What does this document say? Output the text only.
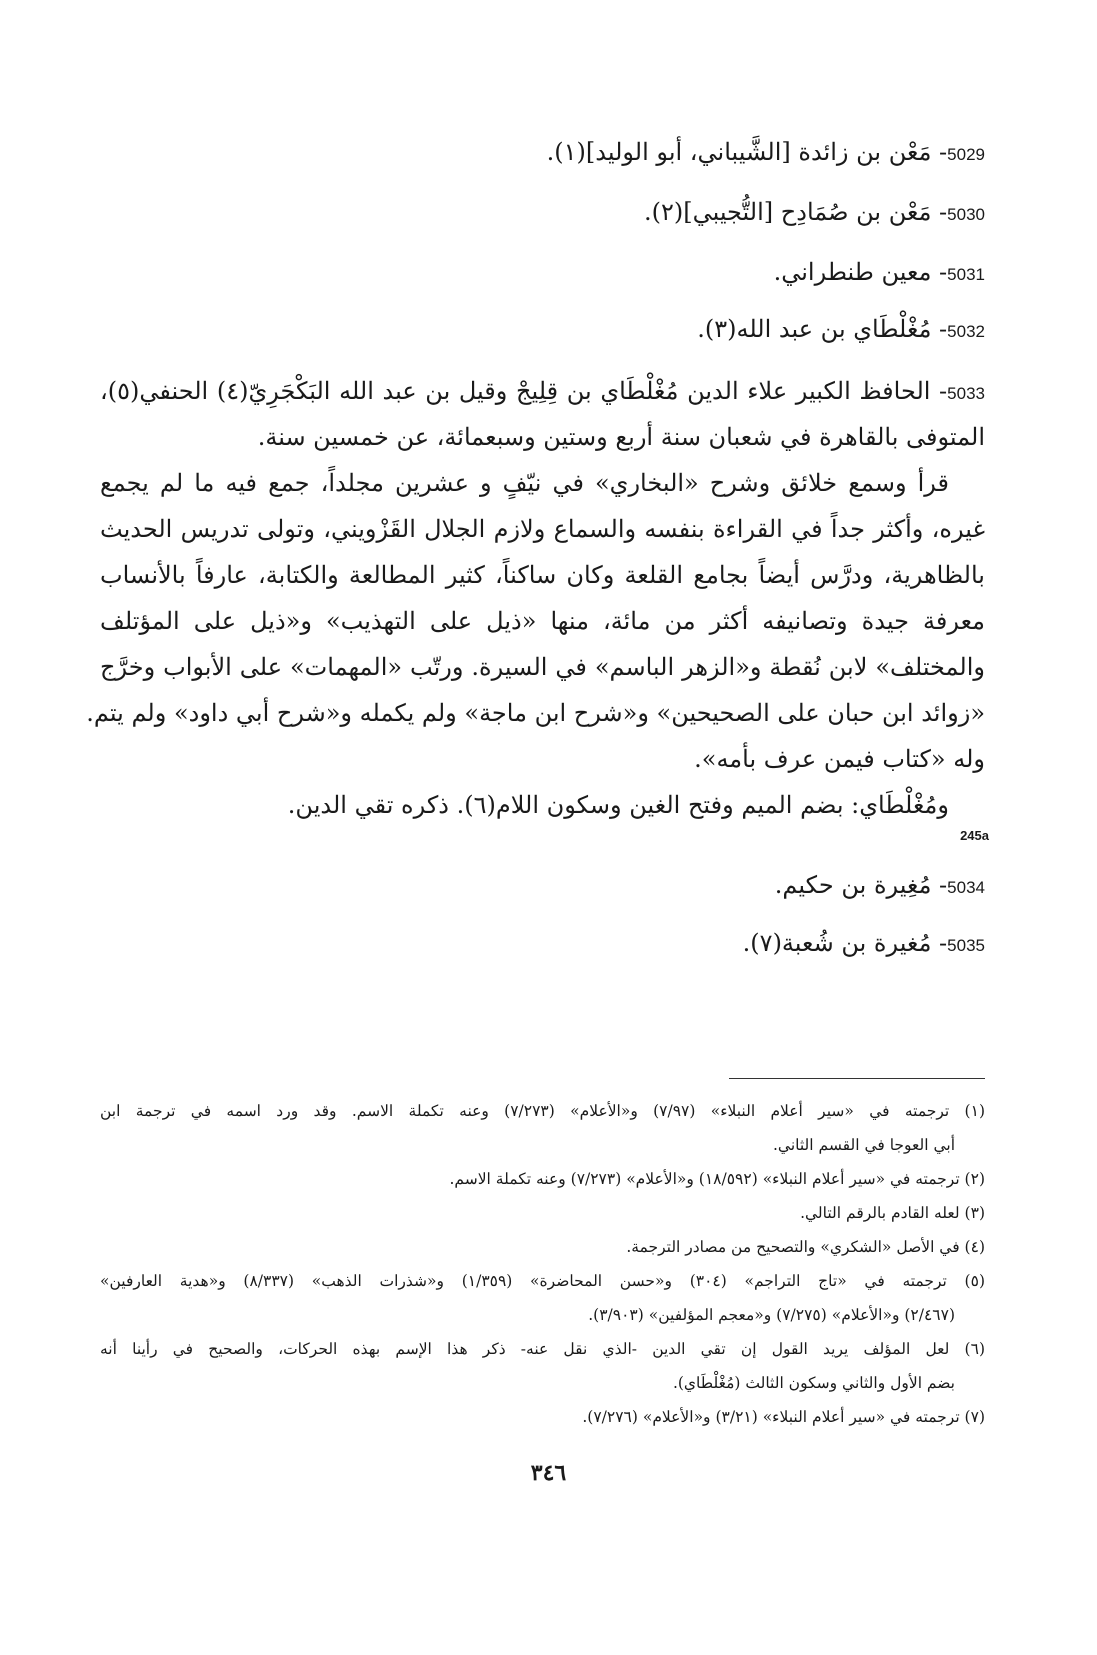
5029- مَعْن بن زائدة [الشَّيباني، أبو الوليد](١).
5030- مَعْن بن صُمَادِح [التُّجيبي](٢).
5031- معين طنطراني.
5032- مُغْلْطَاي بن عبد الله(٣).
5033- الحافظ الكبير علاء الدين مُغْلْطَاي بن قِلِيجْ وقيل بن عبد الله البَكْجَرِيّ(٤) الحنفي(٥)،
المتوفى بالقاهرة في شعبان سنة أربع وستين وسبعمائة، عن خمسين سنة.
قرأ وسمع خلائق وشرح «البخاري» في نيّفٍ و عشرين مجلداً، جمع فيه ما لم يجمع
غيره، وأكثر جداً في القراءة بنفسه والسماع ولازم الجلال القَزْويني، وتولى تدريس الحديث
بالظاهرية، ودرَّس أيضاً بجامع القلعة وكان ساكناً، كثير المطالعة والكتابة، عارفاً بالأنساب
معرفة جيدة وتصانيفه أكثر من مائة، منها «ذيل على التهذيب» و«ذيل على المؤتلف
والمختلف» لابن نُقطة و«الزهر الباسم» في السيرة. ورتّب «المهمات» على الأبواب وخرَّج
«زوائد ابن حبان على الصحيحين» و«شرح ابن ماجة» ولم يكمله و«شرح أبي داود» ولم يتم.
وله «كتاب فيمن عرف بأمه».
ومُغْلْطَاي: بضم الميم وفتح الغين وسكون اللام(٦). ذكره تقي الدين.
245a
5034- مُغِيرة بن حكيم.
5035- مُغيرة بن شُعبة(٧).
(١) ترجمته في «سير أعلام النبلاء» (٧/٩٧) و«الأعلام» (٧/٢٧٣) وعنه تكملة الاسم. وقد ورد اسمه في ترجمة ابن
أبي العوجا في القسم الثاني.
(٢) ترجمته في «سير أعلام النبلاء» (١٨/٥٩٢) و«الأعلام» (٧/٢٧٣) وعنه تكملة الاسم.
(٣) لعله القادم بالرقم التالي.
(٤) في الأصل «الشكري» والتصحيح من مصادر الترجمة.
(٥) ترجمته في «تاج التراجم» (٣٠٤) و«حسن المحاضرة» (١/٣٥٩) و«شذرات الذهب» (٨/٣٣٧) و«هدية العارفين»
(٢/٤٦٧) و«الأعلام» (٧/٢٧٥) و«معجم المؤلفين» (٣/٩٠٣).
(٦) لعل المؤلف يريد القول إن تقي الدين -الذي نقل عنه- ذكر هذا الإسم بهذه الحركات، والصحيح في رأينا أنه
بضم الأول والثاني وسكون الثالث (مُغْلْطَاي).
(٧) ترجمته في «سير أعلام النبلاء» (٣/٢١) و«الأعلام» (٧/٢٧٦).
٣٤٦
